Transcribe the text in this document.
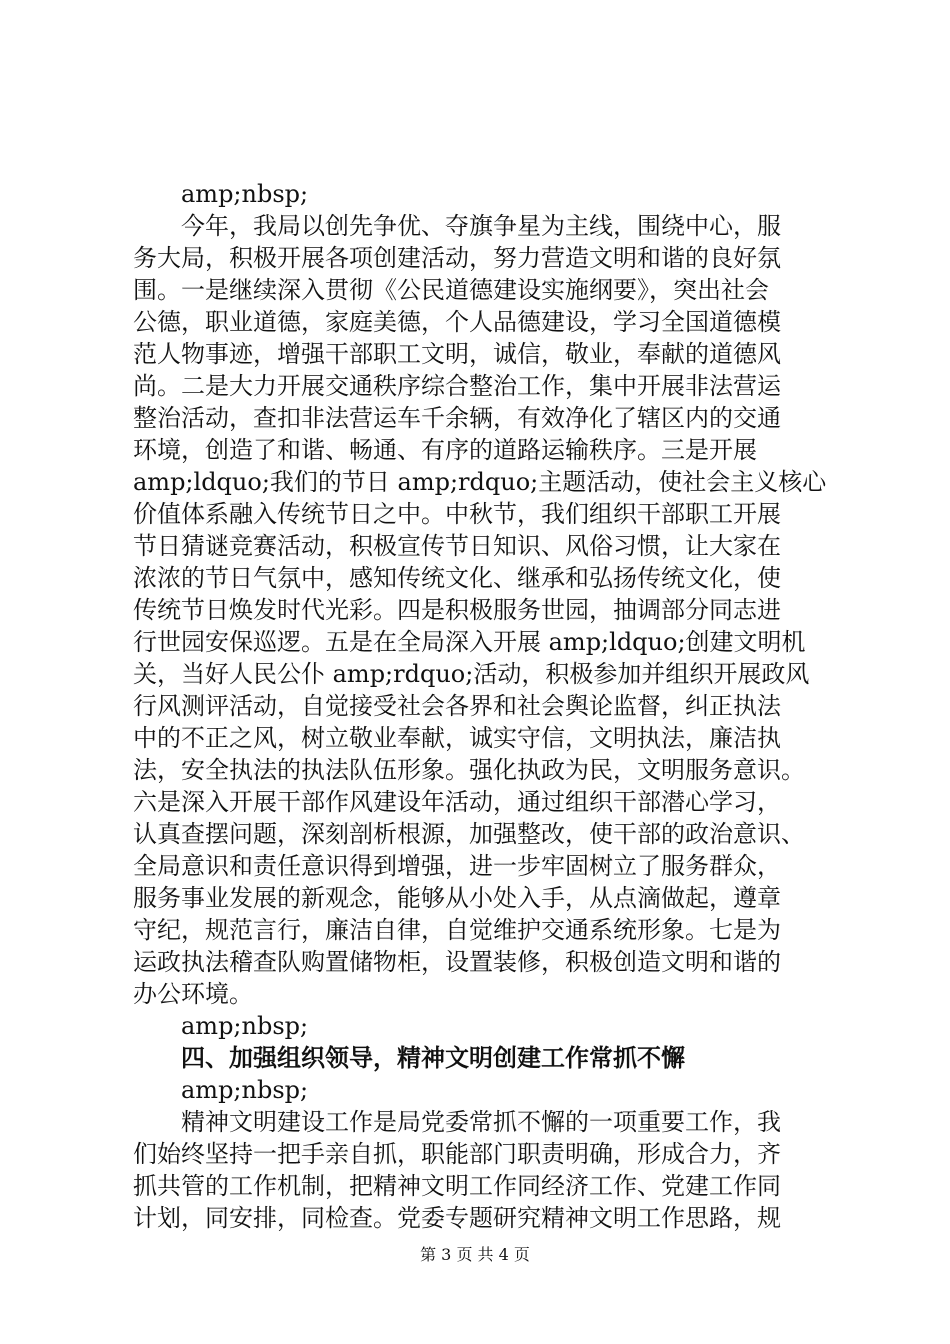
amp;nbsp;

今年，我局以创先争优、夺旗争星为主线，围绕中心，服

务大局，积极开展各项创建活动，努力营造文明和谐的良好氛

围。一是继续深入贯彻《公民道德建设实施纲要》，突出社会

公德，职业道德，家庭美德，个人品德建设，学习全国道德模

范人物事迹，增强干部职工文明，诚信，敬业，奉献的道德风

尚。二是大力开展交通秩序综合整治工作，集中开展非法营运

整治活动，查扣非法营运车千余辆，有效净化了辖区内的交通

环境，创造了和谐、畅通、有序的道路运输秩序。三是开展

amp;ldquo;我们的节日 amp;rdquo;主题活动，使社会主义核心

价值体系融入传统节日之中。中秋节，我们组织干部职工开展

节日猜谜竞赛活动，积极宣传节日知识、风俗习惯，让大家在

浓浓的节日气氛中，感知传统文化、继承和弘扬传统文化，使

传统节日焕发时代光彩。四是积极服务世园，抽调部分同志进

行世园安保巡逻。五是在全局深入开展 amp;ldquo;创建文明机

关，当好人民公仆 amp;rdquo;活动，积极参加并组织开展政风

行风测评活动，自觉接受社会各界和社会舆论监督，纠正执法

中的不正之风，树立敬业奉献，诚实守信，文明执法，廉洁执

法，安全执法的执法队伍形象。强化执政为民，文明服务意识。

六是深入开展干部作风建设年活动，通过组织干部潜心学习，

认真查摆问题，深刻剖析根源，加强整改，使干部的政治意识、

全局意识和责任意识得到增强，进一步牢固树立了服务群众，

服务事业发展的新观念，能够从小处入手，从点滴做起，遵章

守纪，规范言行，廉洁自律，自觉维护交通系统形象。七是为

运政执法稽查队购置储物柜，设置装修，积极创造文明和谐的

办公环境。

amp;nbsp;

四、加强组织领导，精神文明创建工作常抓不懈

amp;nbsp;

精神文明建设工作是局党委常抓不懈的一项重要工作，我

们始终坚持一把手亲自抓，职能部门职责明确，形成合力，齐

抓共管的工作机制，把精神文明工作同经济工作、党建工作同

计划，同安排，同检查。党委专题研究精神文明工作思路，规

第 3 页 共 4 页
